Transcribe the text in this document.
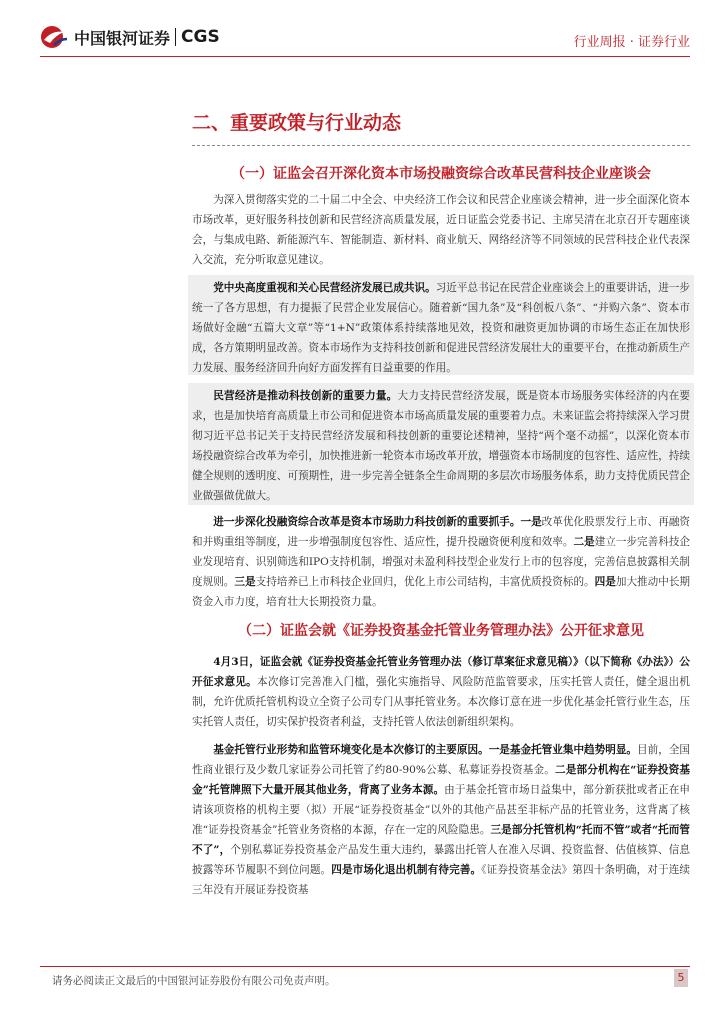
中国银河证券 CGS	行业周报 · 证券行业
二、重要政策与行业动态
（一）证监会召开深化资本市场投融资综合改革民营科技企业座谈会

为深入贯彻落实党的二十届二中全会、中央经济工作会议和民营企业座谈会精神，进一步全面深化资本市场改革，更好服务科技创新和民营经济高质量发展，近日证监会党委书记、主席吴清在北京召开专题座谈会，与集成电路、新能源汽车、智能制造、新材料、商业航天、网络经济等不同领域的民营科技企业代表深入交流，充分听取意见建议。

党中央高度重视和关心民营经济发展已成共识。习近平总书记在民营企业座谈会上的重要讲话，进一步统一了各方思想，有力提振了民营企业发展信心。随着新“国九条”及“科创板八条”、“并购六条”、资本市场做好金融“五篇大文章”等“1+N”政策体系持续落地见效，投资和融资更加协调的市场生态正在加快形成，各方策期明显改善。资本市场作为支持科技创新和促进民营经济发展壮大的重要平台，在推动新质生产力发展、服务经济回升向好方面发挥有日益重要的作用。

民营经济是推动科技创新的重要力量。大力支持民营经济发展，既是资本市场服务实体经济的内在要求，也是加快培育高质量上市公司和促进资本市场高质量发展的重要着力点。未来证监会将持续深入学习贯彻习近平总书记关于支持民营经济发展和科技创新的重要论述精神，坚持“两个毫不动摇”，以深化资本市场投融资综合改革为牵引，加快推进新一轮资本市场改革开放，增强资本市场制度的包容性、适应性，持续健全规则的透明度、可预期性，进一步完善全链条全生命周期的多层次市场服务体系，助力支持优质民营企业做强做优做大。

进一步深化投融资综合改革是资本市场助力科技创新的重要抓手。一是改革优化股票发行上市、再融资和并购重组等制度，进一步增强制度包容性、适应性，提升投融资便利度和效率。二是建立一步完善科技企业发现培育、识别筛选和IPO支持机制，增强对未盈利科技型企业发行上市的包容度，完善信息披露相关制度规则。三是支持培养已上市科技企业回归，优化上市公司结构，丰富优质投资标的。四是加大推动中长期资金入市力度，培育壮大长期投资力量。

（二）证监会就《证券投资基金托管业务管理办法》公开征求意见

4月3日，证监会就《证券投资基金托管业务管理办法（修订草案征求意见稿）》（以下简称《办法》）公开征求意见。本次修订完善准入门槛，强化实施指导、风险防范监管要求，压实托管人责任，健全退出机制，允许优质托管机构设立全资子公司专门从事托管业务。本次修订意在进一步优化基金托管行业生态，压实托管人责任，切实保护投资者利益，支持托管人依法创新组织架构。

基金托管行业形势和监管环境变化是本次修订的主要原因。一是基金托管业集中趋势明显。目前，全国性商业银行及少数几家证券公司托管了约80-90%公募、私募证券投资基金。二是部分机构在“证券投资基金”托管牌照下大量开展其他业务，背离了业务本源。由于基金托管市场日益集中，部分新获批或者正在申请该项资格的机构主要（拟）开展“证券投资基金”以外的其他产品甚至非标产品的托管业务，这背离了核准“证券投资基金”托管业务资格的本源，存在一定的风险隐患。三是部分托管机构“托而不管”或者“托而管不了”，个别私募证券投资基金产品发生重大违约，暴露出托管人在准入尽调、投资监督、估值核算、信息披露等环节履职不到位问题。四是市场化退出机制有待完善。《证券投资基金法》第四十条明确，对于连续三年没有开展证券投资基

请务必阅读正文最后的中国银河证券股份有限公司免责声明。	5
